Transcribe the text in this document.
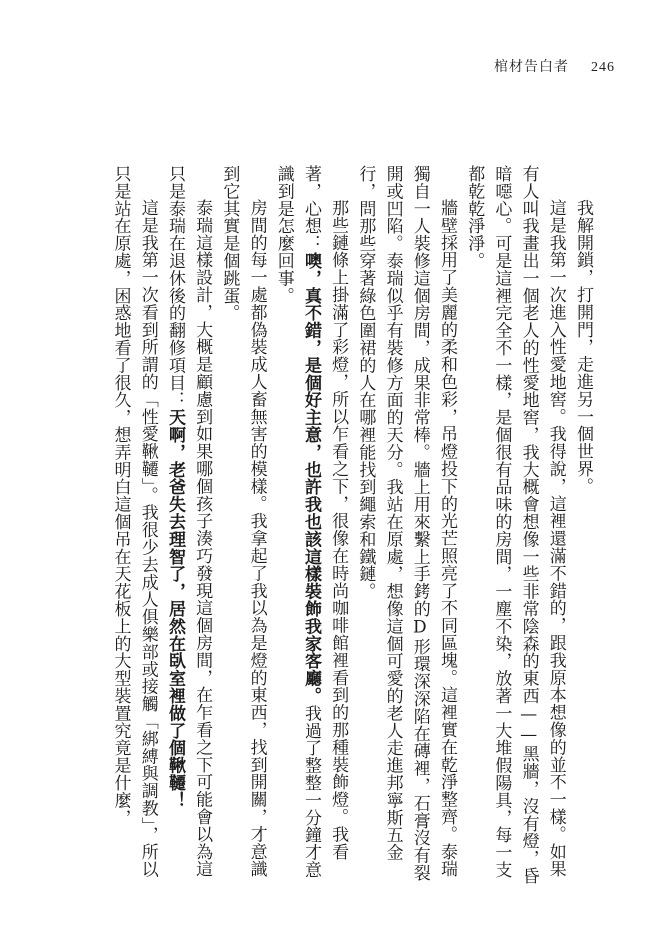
棺材告白者 246

我解開鎖，打開門，走進另一個世界。

這是我第一次進入性愛地窖。我得說，這裡還滿不錯的，跟我原本想像的並不一樣。如果有人叫我畫出一個老人的性愛地窖，我大概會想像一些非常陰森的東西——黑牆，沒有燈，昏暗噁心。可是這裡完全不一樣，是個很有品味的房間，一塵不染，放著一大堆假陽具，每一支都乾乾淨淨。

牆壁採用了美麗的柔和色彩，吊燈投下的光芒照亮了不同區塊。這裡實在乾淨整齊。泰瑞獨自一人裝修這個房間，成果非常棒。牆上用來繫上手銬的D形環深深陷在磚裡，石膏沒有裂開或凹陷。泰瑞似乎有裝修方面的天分。我站在原處，想像這個可愛的老人走進邦寧斯五金行，問那些穿著綠色圍裙的人在哪裡能找到繩索和鐵鏈。

那些鏈條上掛滿了彩燈，所以乍看之下，很像在時尚咖啡館裡看到的那種裝飾燈。我看著，心想：噢，真不錯，是個好主意，也許我也該這樣裝飾我家客廳。我過了整整一分鐘才意識到是怎麼回事。

房間的每一處都偽裝成人畜無害的模樣。我拿起了我以為是燈的東西，找到開關，才意識到它其實是個跳蛋。

泰瑞這樣設計，大概是顧慮到如果哪個孩子湊巧發現這個房間，在乍看之下可能會以為這只是泰瑞在退休後的翻修項目：天啊，老爸失去理智了，居然在臥室裡做了個鞦韆！

這是我第一次看到所謂的「性愛鞦韆」。我很少去成人俱樂部或接觸「綁縛與調教」，所以只是站在原處，困惑地看了很久，想弄明白這個吊在天花板上的大型裝置究竟是什麼，
